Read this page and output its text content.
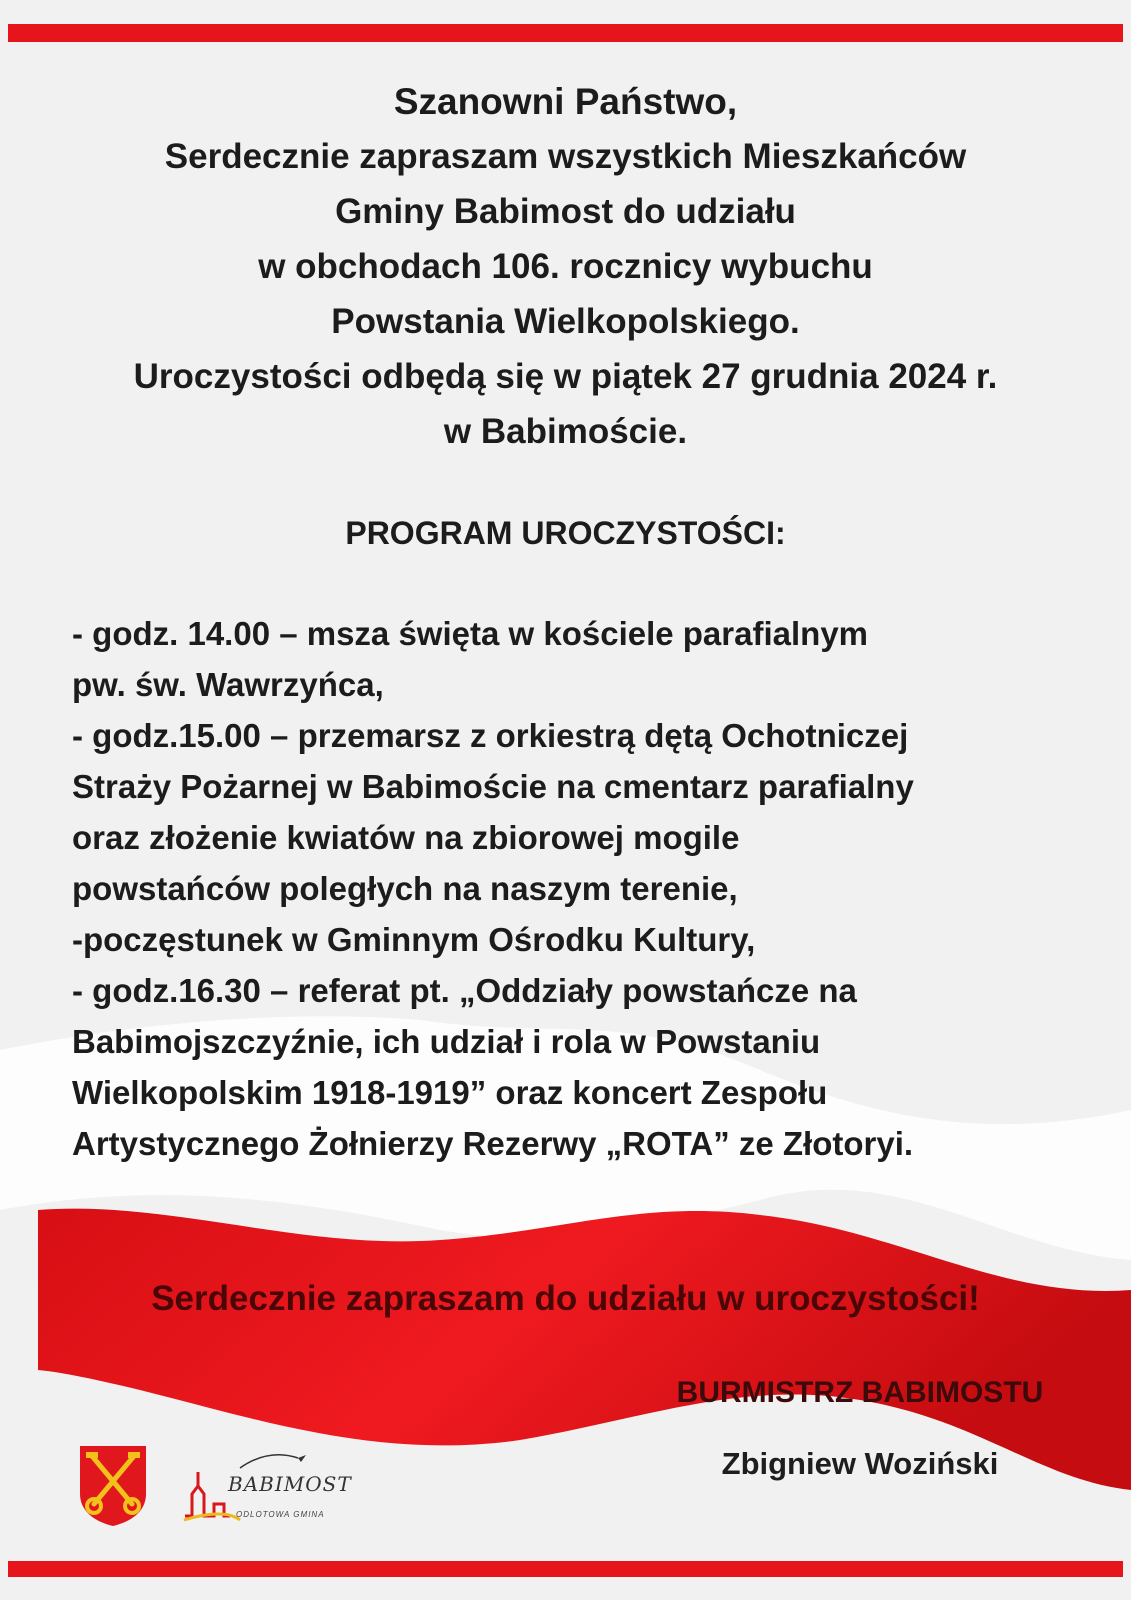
Szanowni Państwo,
Serdecznie zapraszam wszystkich Mieszkańców
Gminy Babimost do udziału
w obchodach 106. rocznicy wybuchu
Powstania Wielkopolskiego.
Uroczystości odbędą się w piątek 27 grudnia 2024 r.
w Babimoście.
PROGRAM UROCZYSTOŚCI:
- godz. 14.00 – msza święta w kościele parafialnym
pw. św. Wawrzyńca,
- godz.15.00 – przemarsz z orkiestrą dętą Ochotniczej
Straży Pożarnej w Babimoście na cmentarz parafialny
oraz złożenie kwiatów na zbiorowej mogile
powstańców poległych na naszym terenie,
-poczęstunek w Gminnym Ośrodku Kultury,
- godz.16.30 – referat pt. „Oddziały powstańcze na
Babimojszczyźnie, ich udział i rola w Powstaniu
Wielkopolskim 1918-1919” oraz koncert Zespołu
Artystycznego Żołnierzy Rezerwy „ROTA” ze Złotoryi.
Serdecznie zapraszam do udziału w uroczystości!
BURMISTRZ BABIMOSTU
Zbigniew Woziński
BABIMOST
ODLOTOWA GMINA
